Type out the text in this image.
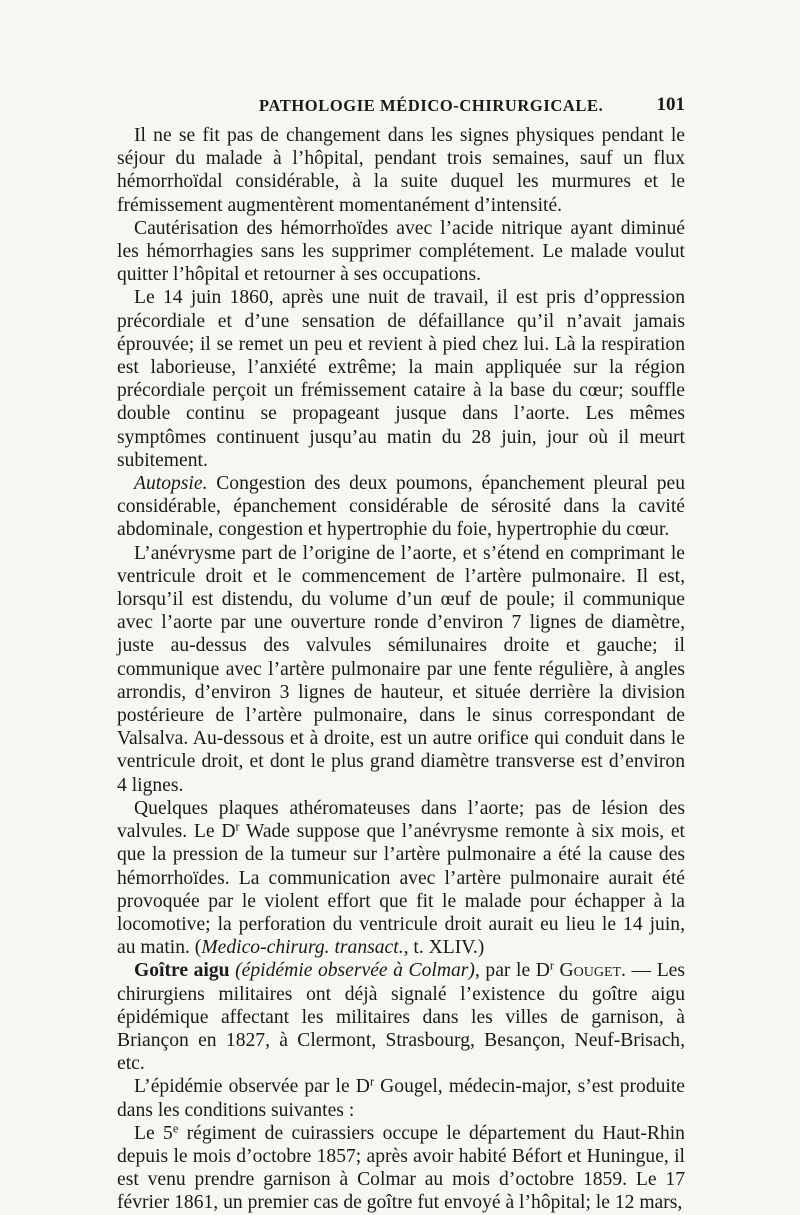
PATHOLOGIE MÉDICO-CHIRURGICALE.	101

Il ne se fit pas de changement dans les signes physiques pendant le séjour du malade à l’hôpital, pendant trois semaines, sauf un flux hémorrhoïdal considérable, à la suite duquel les murmures et le frémissement augmentèrent momentanément d’intensité.

Cautérisation des hémorrhoïdes avec l’acide nitrique ayant diminué les hémorrhagies sans les supprimer complétement. Le malade voulut quitter l’hôpital et retourner à ses occupations.

Le 14 juin 1860, après une nuit de travail, il est pris d’oppression précordiale et d’une sensation de défaillance qu’il n’avait jamais éprouvée; il se remet un peu et revient à pied chez lui. Là la respiration est laborieuse, l’anxiété extrême; la main appliquée sur la région précordiale perçoit un frémissement cataire à la base du cœur; souffle double continu se propageant jusque dans l’aorte. Les mêmes symptômes continuent jusqu’au matin du 28 juin, jour où il meurt subitement.

Autopsie. Congestion des deux poumons, épanchement pleural peu considérable, épanchement considérable de sérosité dans la cavité abdominale, congestion et hypertrophie du foie, hypertrophie du cœur.

L’anévrysme part de l’origine de l’aorte, et s’étend en comprimant le ventricule droit et le commencement de l’artère pulmonaire. Il est, lorsqu’il est distendu, du volume d’un œuf de poule; il communique avec l’aorte par une ouverture ronde d’environ 7 lignes de diamètre, juste au-dessus des valvules sémilunaires droite et gauche; il communique avec l’artère pulmonaire par une fente régulière, à angles arrondis, d’environ 3 lignes de hauteur, et située derrière la division postérieure de l’artère pulmonaire, dans le sinus correspondant de Valsalva. Au-dessous et à droite, est un autre orifice qui conduit dans le ventricule droit, et dont le plus grand diamètre transverse est d’environ 4 lignes.

Quelques plaques athéromateuses dans l’aorte; pas de lésion des valvules. Le $D^r$ Wade suppose que l’anévrysme remonte à six mois, et que la pression de la tumeur sur l’artère pulmonaire a été la cause des hémorrhoïdes. La communication avec l’artère pulmonaire aurait été provoquée par le violent effort que fit le malade pour échapper à la locomotive; la perforation du ventricule droit aurait eu lieu le 14 juin, au matin. (Medico-chirurg. transact., t. XLIV.)

Goître aigu (épidémie observée à Colmar), par le $D^r$ Gouget. — Les chirurgiens militaires ont déjà signalé l’existence du goître aigu épidémique affectant les militaires dans les villes de garnison, à Briançon en 1827, à Clermont, Strasbourg, Besançon, Neuf-Brisach, etc.

L’épidémie observée par le $D^r$ Gougel, médecin-major, s’est produite dans les conditions suivantes :

Le 5e régiment de cuirassiers occupe le département du Haut-Rhin depuis le mois d’octobre 1857; après avoir habité Béfort et Huningue, il est venu prendre garnison à Colmar au mois d’octobre 1859. Le 17 février 1861, un premier cas de goître fut envoyé à l’hôpital; le 12 mars,
